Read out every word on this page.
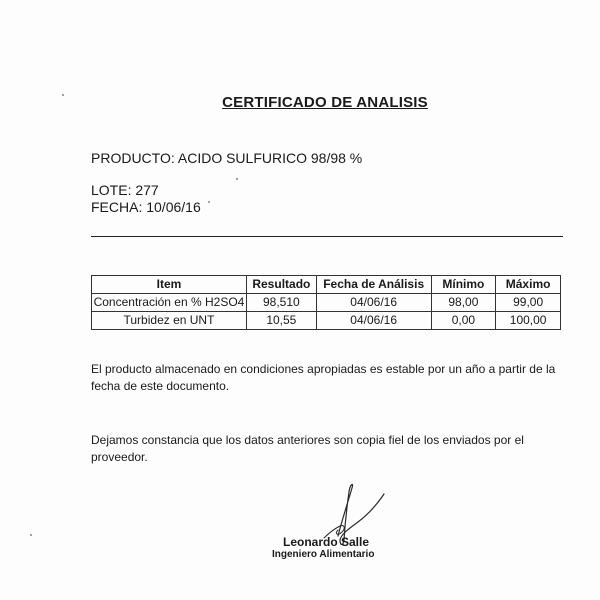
CERTIFICADO DE ANALISIS
PRODUCTO: ACIDO SULFURICO 98/98 %
LOTE: 277
FECHA: 10/06/16
Item	Resultado	Fecha de Análisis	Mínimo	Máximo
Concentración en % H2SO4	98,510	04/06/16	98,00	99,00
Turbidez en UNT	10,55	04/06/16	0,00	100,00
El producto almacenado en condiciones apropiadas es estable por un año a partir de la fecha de este documento.
Dejamos constancia que los datos anteriores son copia fiel de los enviados por el proveedor.
Leonardo Salle
Ingeniero Alimentario
